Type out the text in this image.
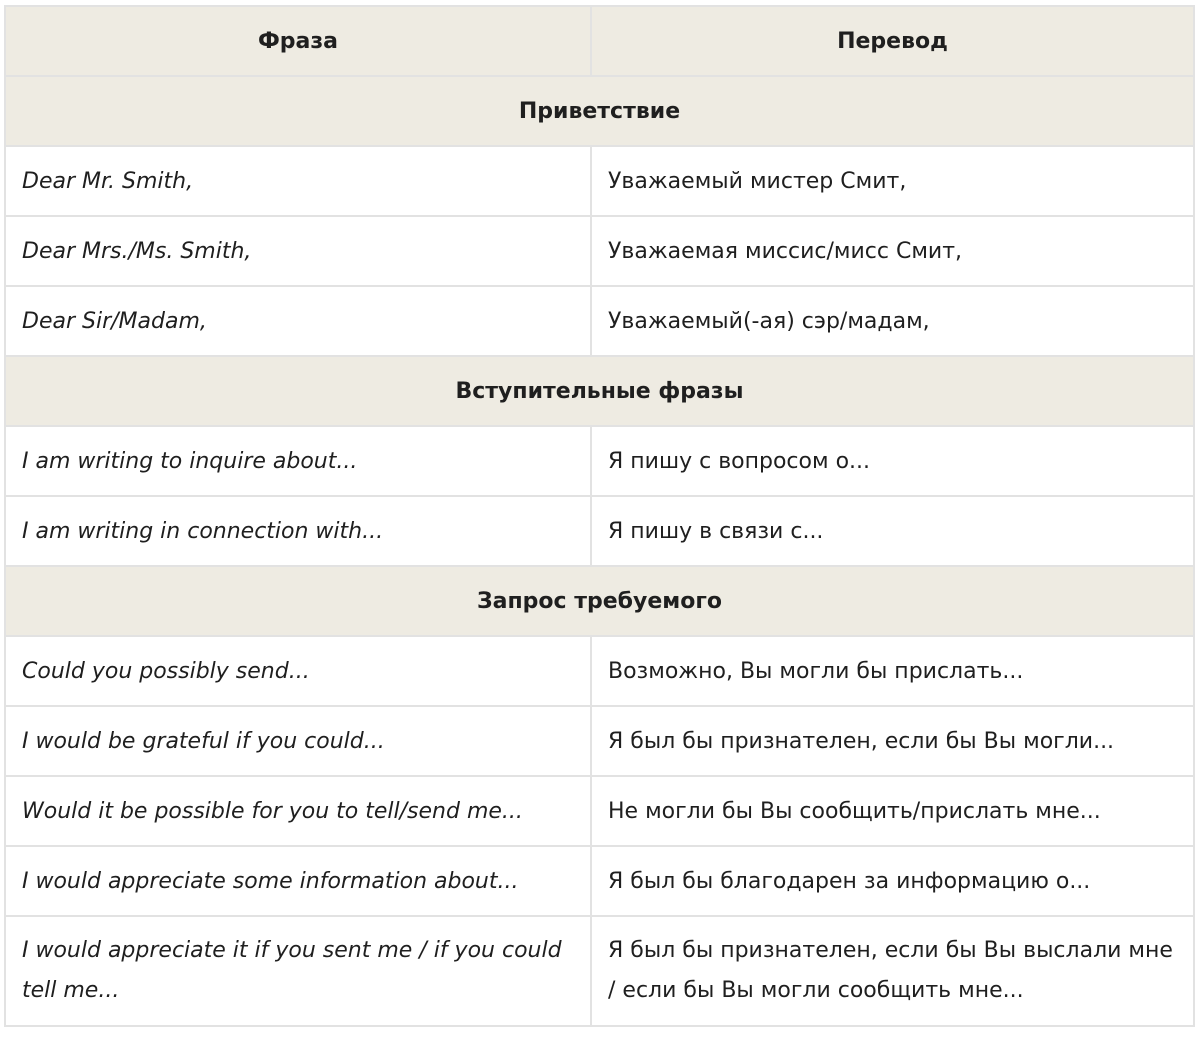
Фраза	Перевод
Приветствие	
Dear Mr. Smith,	Уважаемый мистер Смит,
Dear Mrs./Ms. Smith,	Уважаемая миссис/мисс Смит,
Dear Sir/Madam,	Уважаемый(-ая) сэр/мадам,
Вступительные фразы	
I am writing to inquire about...	Я пишу с вопросом о...
I am writing in connection with...	Я пишу в связи с...
Запрос требуемого	
Could you possibly send...	Возможно, Вы могли бы прислать...
I would be grateful if you could...	Я был бы признателен, если бы Вы могли...
Would it be possible for you to tell/send me...	Не могли бы Вы сообщить/прислать мне...
I would appreciate some information about...	Я был бы благодарен за информацию о...
I would appreciate it if you sent me / if you could tell me...	Я был бы признателен, если бы Вы выслали мне / если бы Вы могли сообщить мне...
